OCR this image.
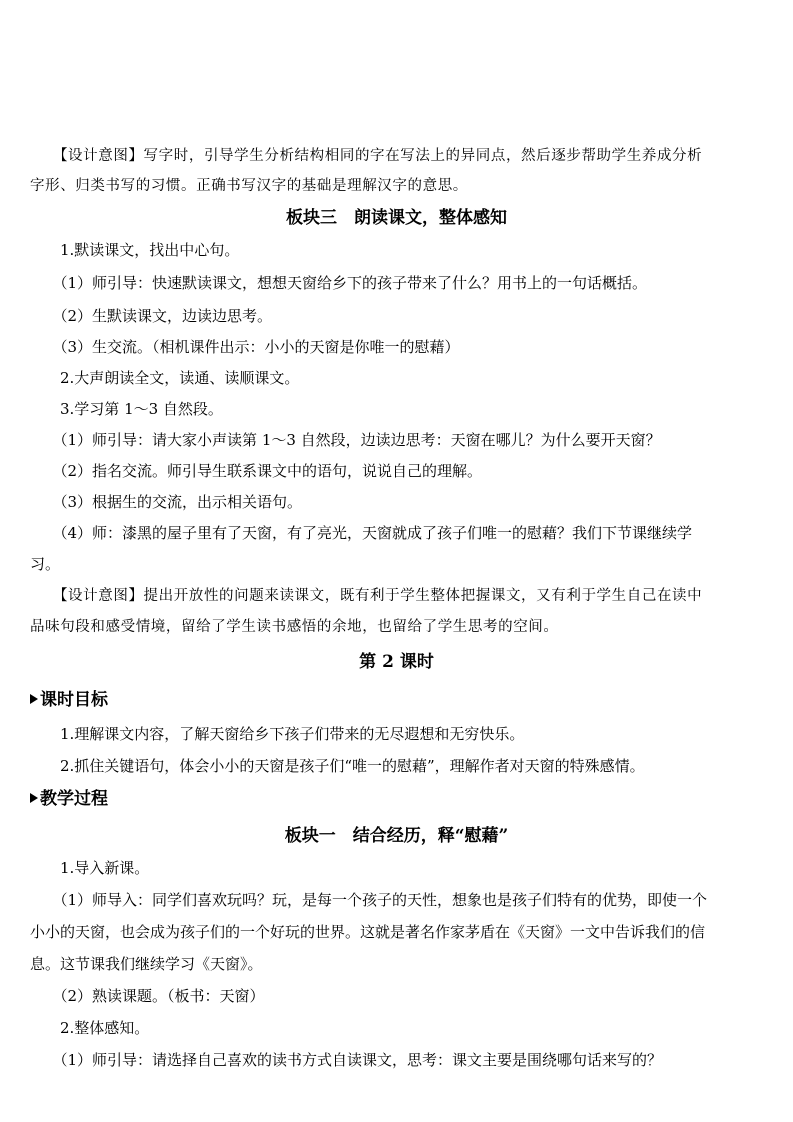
　　【设计意图】写字时，引导学生分析结构相同的字在写法上的异同点，然后逐步帮助学生养成分析
字形、归类书写的习惯。正确书写汉字的基础是理解汉字的意思。
板块三　朗读课文，整体感知
　　1.默读课文，找出中心句。
　　（1）师引导：快速默读课文，想想天窗给乡下的孩子带来了什么？用书上的一句话概括。
　　（2）生默读课文，边读边思考。
　　（3）生交流。（相机课件出示：小小的天窗是你唯一的慰藉）
　　2.大声朗读全文，读通、读顺课文。
　　3.学习第 1～3 自然段。
　　（1）师引导：请大家小声读第 1～3 自然段，边读边思考：天窗在哪儿？为什么要开天窗？
　　（2）指名交流。师引导生联系课文中的语句，说说自己的理解。
　　（3）根据生的交流，出示相关语句。
　　（4）师：漆黑的屋子里有了天窗，有了亮光，天窗就成了孩子们唯一的慰藉？我们下节课继续学
习。
　　【设计意图】提出开放性的问题来读课文，既有利于学生整体把握课文，又有利于学生自己在读中
品味句段和感受情境，留给了学生读书感悟的余地，也留给了学生思考的空间。
第 2 课时
课时目标
　　1.理解课文内容，了解天窗给乡下孩子们带来的无尽遐想和无穷快乐。
　　2.抓住关键语句，体会小小的天窗是孩子们“唯一的慰藉”，理解作者对天窗的特殊感情。
教学过程
板块一　结合经历，释“慰藉”
　　1.导入新课。
　　（1）师导入：同学们喜欢玩吗？玩，是每一个孩子的天性，想象也是孩子们特有的优势，即使一个
小小的天窗，也会成为孩子们的一个好玩的世界。这就是著名作家茅盾在《天窗》一文中告诉我们的信
息。这节课我们继续学习《天窗》。
　　（2）熟读课题。（板书：天窗）
　　2.整体感知。
　　（1）师引导：请选择自己喜欢的读书方式自读课文，思考：课文主要是围绕哪句话来写的？
